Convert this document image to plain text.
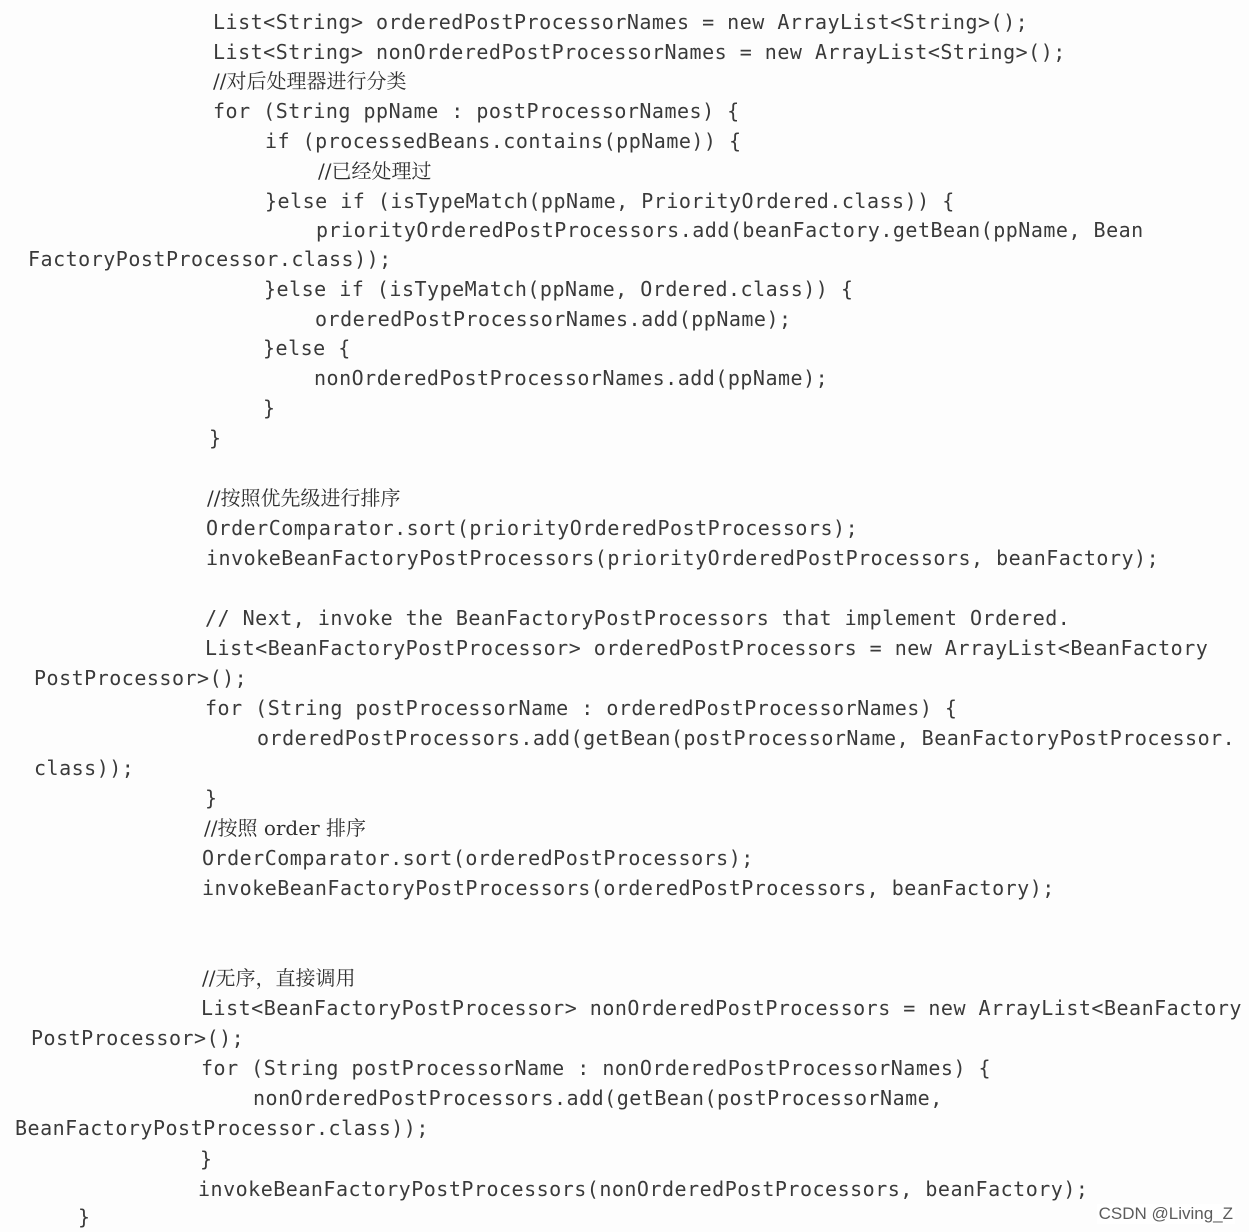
List<String> orderedPostProcessorNames = new ArrayList<String>();
List<String> nonOrderedPostProcessorNames = new ArrayList<String>();
//对后处理器进行分类
for (String ppName : postProcessorNames) {
if (processedBeans.contains(ppName)) {
//已经处理过
}else if (isTypeMatch(ppName, PriorityOrdered.class)) {
priorityOrderedPostProcessors.add(beanFactory.getBean(ppName, Bean
FactoryPostProcessor.class));
}else if (isTypeMatch(ppName, Ordered.class)) {
orderedPostProcessorNames.add(ppName);
}else {
nonOrderedPostProcessorNames.add(ppName);
}
}
//按照优先级进行排序
OrderComparator.sort(priorityOrderedPostProcessors);
invokeBeanFactoryPostProcessors(priorityOrderedPostProcessors, beanFactory);
// Next, invoke the BeanFactoryPostProcessors that implement Ordered.
List<BeanFactoryPostProcessor> orderedPostProcessors = new ArrayList<BeanFactory
PostProcessor>();
for (String postProcessorName : orderedPostProcessorNames) {
orderedPostProcessors.add(getBean(postProcessorName, BeanFactoryPostProcessor.
class));
}
//按照 order 排序
OrderComparator.sort(orderedPostProcessors);
invokeBeanFactoryPostProcessors(orderedPostProcessors, beanFactory);
//无序，直接调用
List<BeanFactoryPostProcessor> nonOrderedPostProcessors = new ArrayList<BeanFactory
PostProcessor>();
for (String postProcessorName : nonOrderedPostProcessorNames) {
nonOrderedPostProcessors.add(getBean(postProcessorName,
BeanFactoryPostProcessor.class));
}
invokeBeanFactoryPostProcessors(nonOrderedPostProcessors, beanFactory);
}	CSDN @Living_Z
